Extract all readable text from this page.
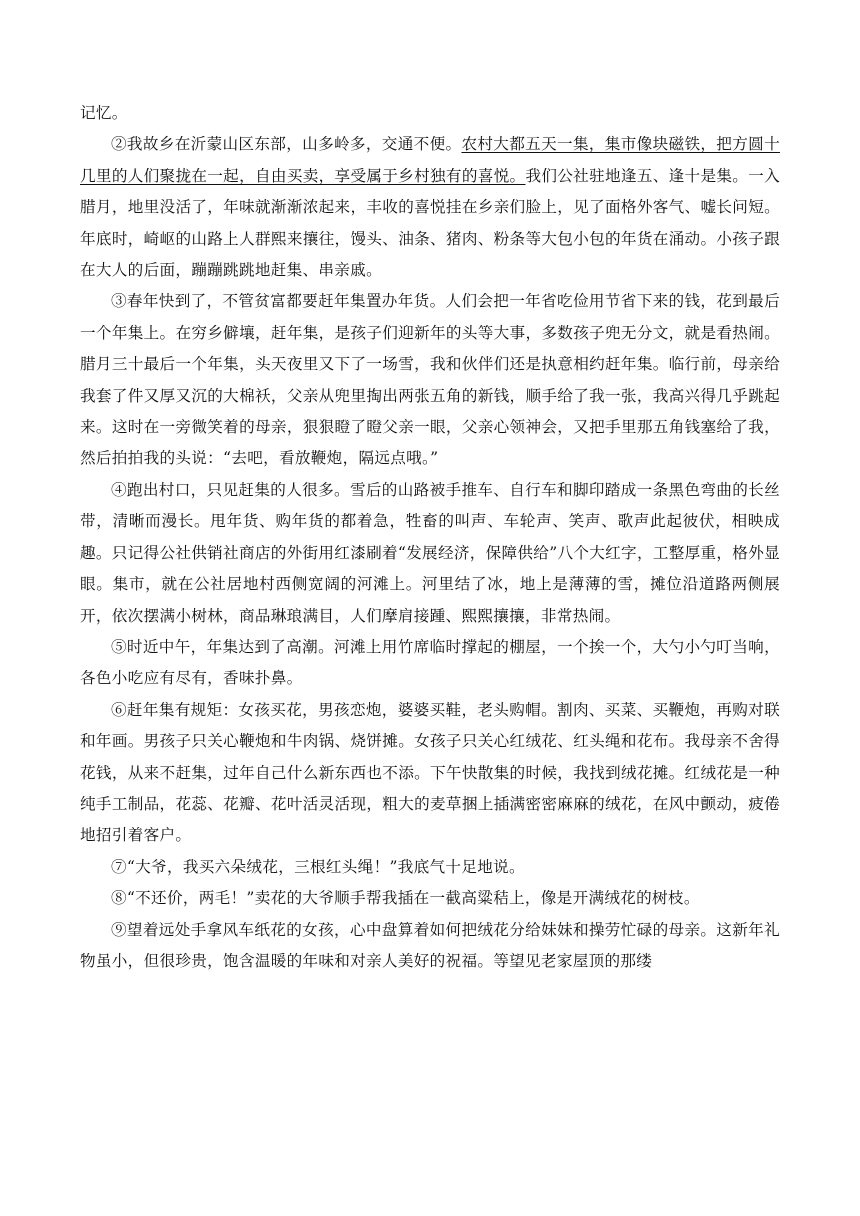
记忆。

②我故乡在沂蒙山区东部，山多岭多，交通不便。农村大都五天一集，集市像块磁铁，把方圆十几里的人们聚拢在一起，自由买卖，享受属于乡村独有的喜悦。我们公社驻地逢五、逢十是集。一入腊月，地里没活了，年味就渐渐浓起来，丰收的喜悦挂在乡亲们脸上，见了面格外客气、嘘长问短。年底时，崎岖的山路上人群熙来攘往，馒头、油条、猪肉、粉条等大包小包的年货在涌动。小孩子跟在大人的后面，蹦蹦跳跳地赶集、串亲戚。

③春年快到了，不管贫富都要赶年集置办年货。人们会把一年省吃俭用节省下来的钱，花到最后一个年集上。在穷乡僻壤，赶年集，是孩子们迎新年的头等大事，多数孩子兜无分文，就是看热闹。腊月三十最后一个年集，头天夜里又下了一场雪，我和伙伴们还是执意相约赶年集。临行前，母亲给我套了件又厚又沉的大棉袄，父亲从兜里掏出两张五角的新钱，顺手给了我一张，我高兴得几乎跳起来。这时在一旁微笑着的母亲，狠狠瞪了瞪父亲一眼，父亲心领神会，又把手里那五角钱塞给了我，然后拍拍我的头说：“去吧，看放鞭炮，隔远点哦。”

④跑出村口，只见赶集的人很多。雪后的山路被手推车、自行车和脚印踏成一条黑色弯曲的长丝带，清晰而漫长。甩年货、购年货的都着急，牲畜的叫声、车轮声、笑声、歌声此起彼伏，相映成趣。只记得公社供销社商店的外街用红漆刷着“发展经济，保障供给”八个大红字，工整厚重，格外显眼。集市，就在公社居地村西侧宽阔的河滩上。河里结了冰，地上是薄薄的雪，摊位沿道路两侧展开，依次摆满小树林，商品琳琅满目，人们摩肩接踵、熙熙攘攘，非常热闹。

⑤时近中午，年集达到了高潮。河滩上用竹席临时撑起的棚屋，一个挨一个，大勺小勺叮当响，各色小吃应有尽有，香味扑鼻。

⑥赶年集有规矩：女孩买花，男孩恋炮，婆婆买鞋，老头购帽。割肉、买菜、买鞭炮，再购对联和年画。男孩子只关心鞭炮和牛肉锅、烧饼摊。女孩子只关心红绒花、红头绳和花布。我母亲不舍得花钱，从来不赶集，过年自己什么新东西也不添。下午快散集的时候，我找到绒花摊。红绒花是一种纯手工制品，花蕊、花瓣、花叶活灵活现，粗大的麦草捆上插满密密麻麻的绒花，在风中颤动，疲倦地招引着客户。

⑦“大爷，我买六朵绒花，三根红头绳！”我底气十足地说。

⑧“不还价，两毛！”卖花的大爷顺手帮我插在一截高粱秸上，像是开满绒花的树枝。

⑨望着远处手拿风车纸花的女孩，心中盘算着如何把绒花分给妹妹和操劳忙碌的母亲。这新年礼物虽小，但很珍贵，饱含温暖的年味和对亲人美好的祝福。等望见老家屋顶的那缕
